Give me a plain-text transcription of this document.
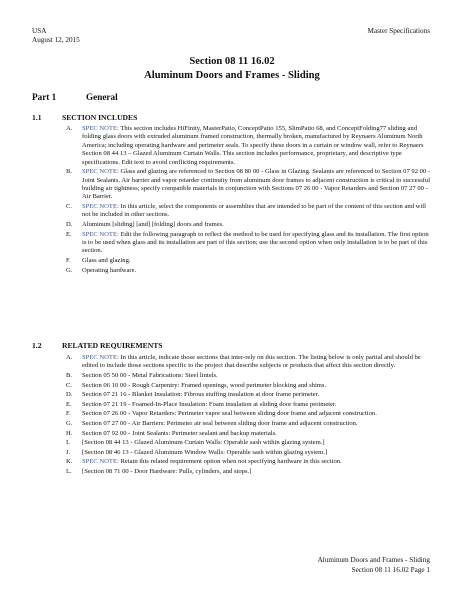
USA
August 12, 2015
Master Specifications
Section 08 11 16.02
Aluminum Doors and Frames - Sliding
Part 1	General
1.1	SECTION INCLUDES
A. SPEC NOTE: This section includes HiFinity, MasterPatio, ConceptPatio 155, SlimPatio 68, and ConceptFolding77 sliding and folding glass doors with extruded aluminum framed construction, thermally broken, manufactured by Reynaers Aluminum North America; including operating hardware and perimeter seals. To specify these doors in a curtain or window wall, refer to Reynaers Section 08 44 13 – Glazed Aluminum Curtain Walls. This section includes performance, proprietary, and descriptive type specifications. Edit text to avoid conflicting requirements.
B. SPEC NOTE: Glass and glazing are referenced to Section 08 80 00 - Glass in Glazing. Sealants are referenced to Section 07 92 00 - Joint Sealants. Air barrier and vapor retarder continuity from aluminum door frames to adjacent construction is critical to successful building air tightness; specify compatible materials in conjunction with Sections 07 26 00 - Vapor Retarders and Section 07 27 00 - Air Barrier.
C. SPEC NOTE: In this article, select the components or assemblies that are intended to be part of the content of this section and will not be included in other sections.
D. Aluminum [sliding] [and] [folding] doors and frames.
E. SPEC NOTE: Edit the following paragraph to reflect the method to be used for specifying glass and its installation. The first option is to be used when glass and its installation are part of this section; use the second option when only installation is to be part of this section.
F. Glass and glazing.
G. Operating hardware.
1.2	RELATED REQUIREMENTS
A. SPEC NOTE: In this article, indicate those sections that inter-rely on this section. The listing below is only partial and should be edited to include those sections specific to the project that describe subjects or products that affect this section directly.
B. Section 05 50 00 - Metal Fabrications: Steel lintels.
C. Section 06 10 00 - Rough Carpentry: Framed openings, wood perimeter blocking and shims.
D. Section 07 21 16 - Blanket Insulation: Fibrous stuffing insulation at door frame perimeter.
E. Section 07 21 19 - Foamed-In-Place Insulation: Foam insulation at sliding door frame perimeter.
F. Section 07 26 00 - Vapor Retarders: Perimeter vapor seal between sliding door frame and adjacent construction.
G. Section 07 27 00 - Air Barriers: Perimeter air seal between sliding door frame and adjacent construction.
H. Section 07 92 00 - Joint Sealants: Perimeter sealant and backup materials.
I. [Section 08 44 13 - Glazed Aluminum Curtain Walls: Operable sash within glazing system.]
J. [Section 08 46 13 - Glazed Aluminum Window Walls: Operable sash within glazing system.]
K. SPEC NOTE: Retain this related requirement option when not specifying hardware in this section.
L. [Section 08 71 00 - Door Hardware: Pulls, cylinders, and stops.]
Aluminum Doors and Frames - Sliding
Section 08 11 16.02 Page 1
